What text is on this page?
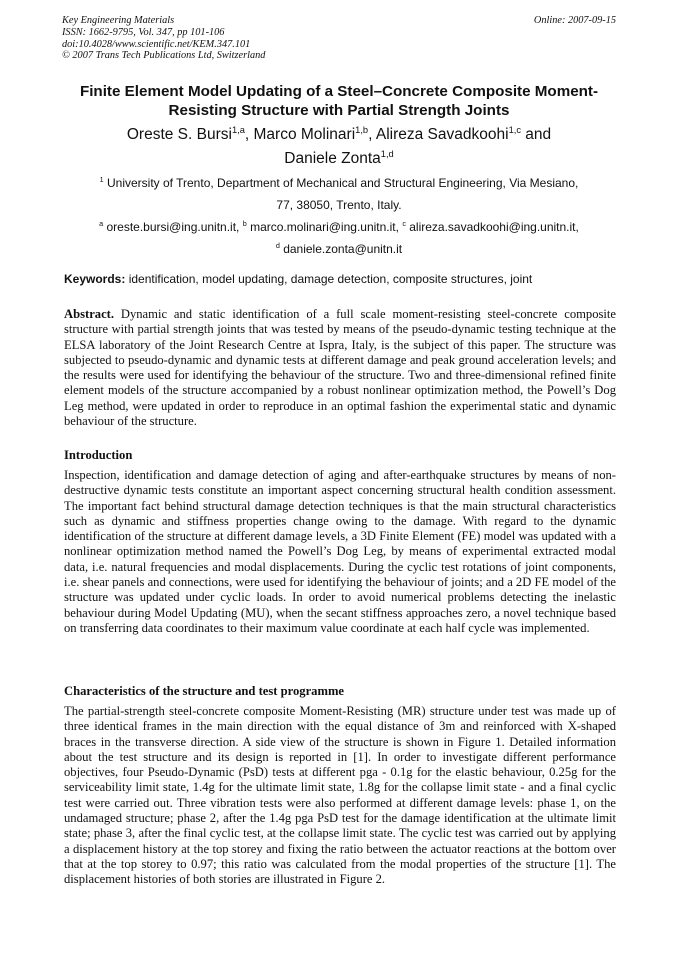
Key Engineering Materials
ISSN: 1662-9795, Vol. 347, pp 101-106
doi:10.4028/www.scientific.net/KEM.347.101
© 2007 Trans Tech Publications Ltd, Switzerland
Online: 2007-09-15
Finite Element Model Updating of a Steel–Concrete Composite Moment-
Resisting Structure with Partial Strength Joints
Oreste S. Bursi$^{1,a}$, Marco Molinari$^{1,b}$, Alireza Savadkoohi$^{1,c}$ and
Daniele Zonta$^{1,d}$
$^1$ University of Trento, Department of Mechanical and Structural Engineering, Via Mesiano,
77, 38050, Trento, Italy.
$^a$ oreste.bursi@ing.unitn.it, $^b$ marco.molinari@ing.unitn.it, $^c$ alireza.savadkoohi@ing.unitn.it,
$^d$ daniele.zonta@unitn.it
Keywords: identification, model updating, damage detection, composite structures, joint
Abstract. Dynamic and static identification of a full scale moment-resisting steel-concrete composite structure with partial strength joints that was tested by means of the pseudo-dynamic testing technique at the ELSA laboratory of the Joint Research Centre at Ispra, Italy, is the subject of this paper. The structure was subjected to pseudo-dynamic and dynamic tests at different damage and peak ground acceleration levels; and the results were used for identifying the behaviour of the structure. Two and three-dimensional refined finite element models of the structure accompanied by a robust nonlinear optimization method, the Powell’s Dog Leg method, were updated in order to reproduce in an optimal fashion the experimental static and dynamic behaviour of the structure.
Introduction
Inspection, identification and damage detection of aging and after-earthquake structures by means of non-destructive dynamic tests constitute an important aspect concerning structural health condition assessment. The important fact behind structural damage detection techniques is that the main structural characteristics such as dynamic and stiffness properties change owing to the damage. With regard to the dynamic identification of the structure at different damage levels, a 3D Finite Element (FE) model was updated with a nonlinear optimization method named the Powell’s Dog Leg, by means of experimental extracted modal data, i.e. natural frequencies and modal displacements. During the cyclic test rotations of joint components, i.e. shear panels and connections, were used for identifying the behaviour of joints; and a 2D FE model of the structure was updated under cyclic loads. In order to avoid numerical problems detecting the inelastic behaviour during Model Updating (MU), when the secant stiffness approaches zero, a novel technique based on transferring data coordinates to their maximum value coordinate at each half cycle was implemented.
Characteristics of the structure and test programme
The partial-strength steel-concrete composite Moment-Resisting (MR) structure under test was made up of three identical frames in the main direction with the equal distance of 3m and reinforced with X-shaped braces in the transverse direction. A side view of the structure is shown in Figure 1. Detailed information about the test structure and its design is reported in [1]. In order to investigate different performance objectives, four Pseudo-Dynamic (PsD) tests at different pga - 0.1g for the elastic behaviour, 0.25g for the serviceability limit state, 1.4g for the ultimate limit state, 1.8g for the collapse limit state - and a final cyclic test were carried out. Three vibration tests were also performed at different damage levels: phase 1, on the undamaged structure; phase 2, after the 1.4g pga PsD test for the damage identification at the ultimate limit state; phase 3, after the final cyclic test, at the collapse limit state. The cyclic test was carried out by applying a displacement history at the top storey and fixing the ratio between the actuator reactions at the bottom over that at the top storey to 0.97; this ratio was calculated from the modal properties of the structure [1]. The displacement histories of both stories are illustrated in Figure 2.
